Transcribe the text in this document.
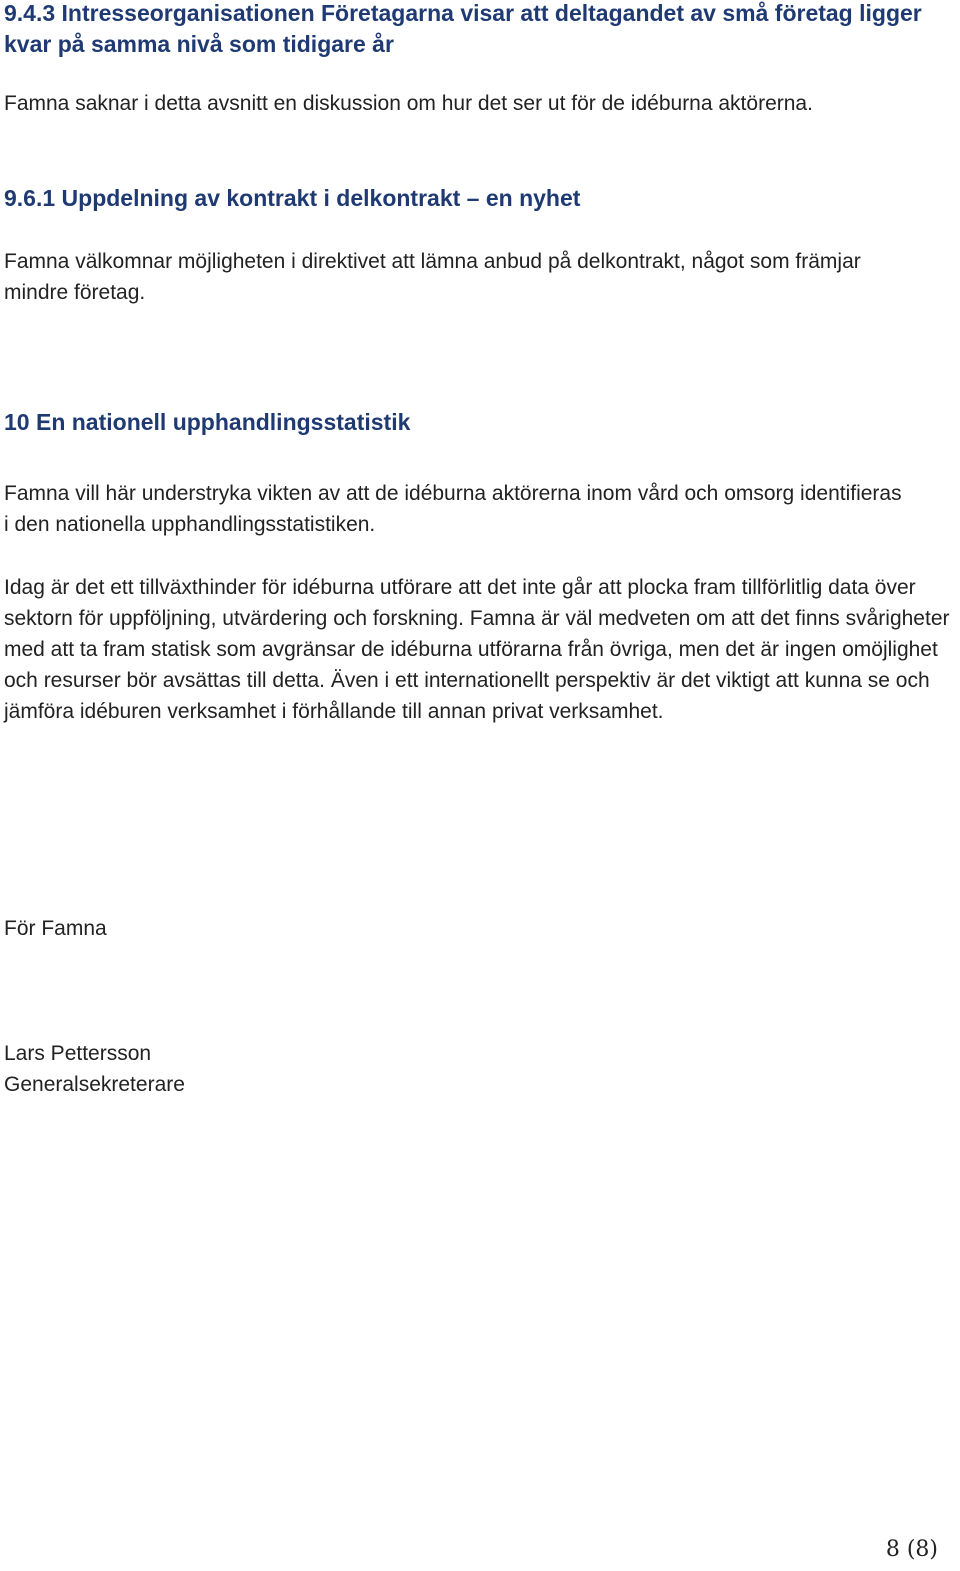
9.4.3 Intresseorganisationen Företagarna visar att deltagandet av små företag ligger kvar på samma nivå som tidigare år

Famna saknar i detta avsnitt en diskussion om hur det ser ut för de idéburna aktörerna.

9.6.1 Uppdelning av kontrakt i delkontrakt – en nyhet

Famna välkomnar möjligheten i direktivet att lämna anbud på delkontrakt, något som främjar mindre företag.

10 En nationell upphandlingsstatistik

Famna vill här understryka vikten av att de idéburna aktörerna inom vård och omsorg identifieras i den nationella upphandlingsstatistiken.

Idag är det ett tillväxthinder för idéburna utförare att det inte går att plocka fram tillförlitlig data över sektorn för uppföljning, utvärdering och forskning. Famna är väl medveten om att det finns svårigheter med att ta fram statisk som avgränsar de idéburna utförarna från övriga, men det är ingen omöjlighet och resurser bör avsättas till detta. Även i ett internationellt perspektiv är det viktigt att kunna se och jämföra idéburen verksamhet i förhållande till annan privat verksamhet.

För Famna

Lars Pettersson

Generalsekreterare

8 (8)
